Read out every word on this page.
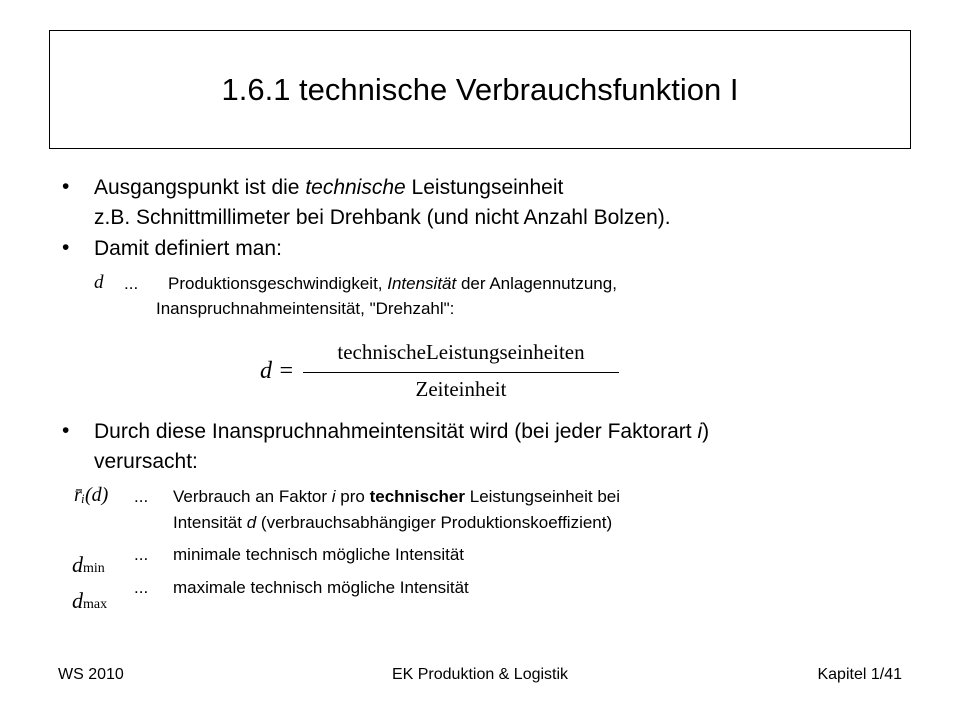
1.6.1 technische Verbrauchsfunktion I
• Ausgangspunkt ist die technische Leistungseinheit
z.B. Schnittmillimeter bei Drehbank (und nicht Anzahl Bolzen).
• Damit definiert man:
d ... Produktionsgeschwindigkeit, Intensität der Anlagennutzung,
Inanspruchnahmeintensität, "Drehzahl":
d =
technischeLeistungseinheiten
Zeiteinheit
• Durch diese Inanspruchnahmeintensität wird (bei jeder Faktorart i)
verursacht:
r̄ᵢ(d) ... Verbrauch an Faktor i pro technischer Leistungseinheit bei
Intensität d (verbrauchsabhängiger Produktionskoeffizient)
dmin
... minimale technisch mögliche Intensität
dmax
... maximale technisch mögliche Intensität
WS 2010	EK Produktion & Logistik	Kapitel 1/41
